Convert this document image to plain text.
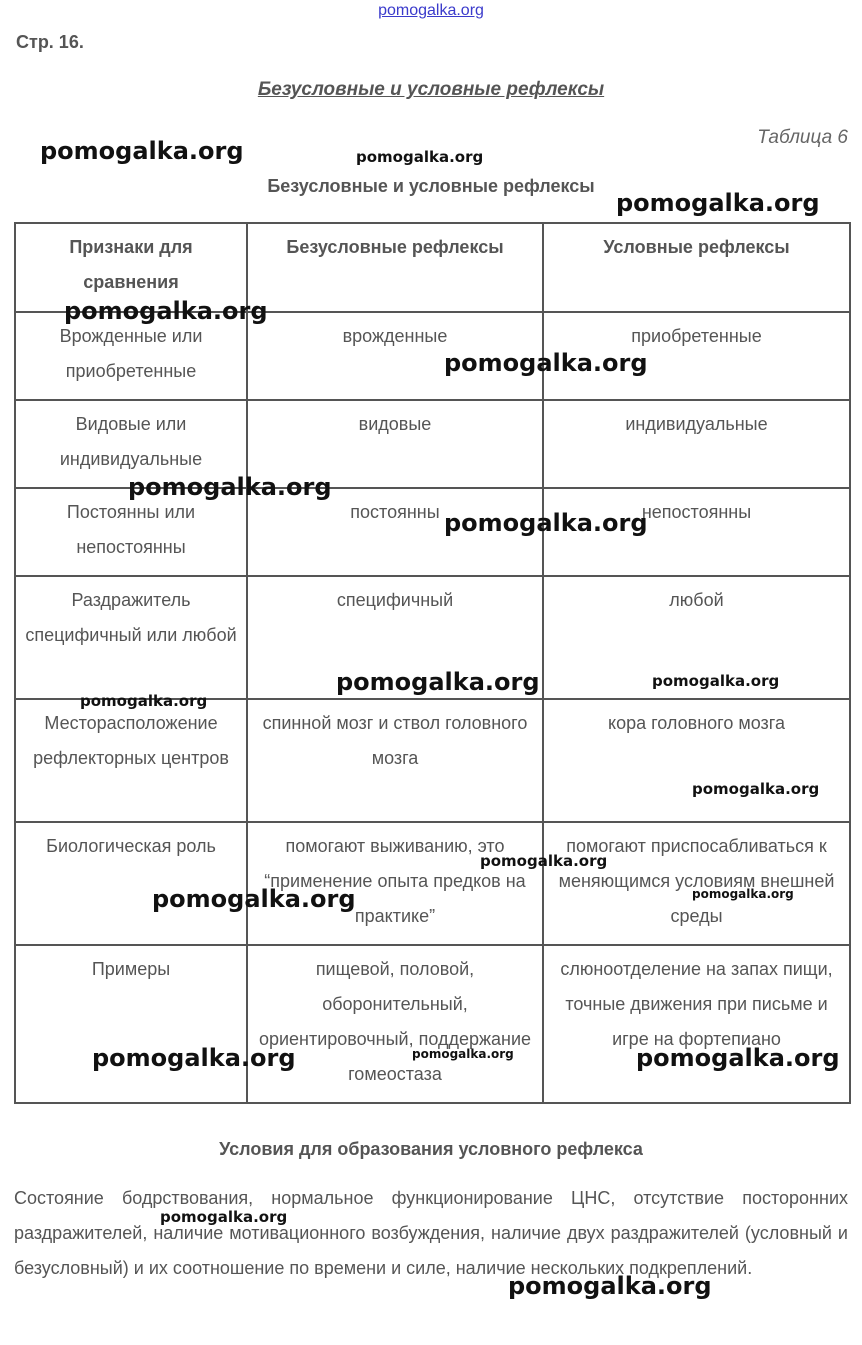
pomogalka.org
Стр. 16.
Безусловные и условные рефлексы
Таблица 6
Безусловные и условные рефлексы
Признаки для сравнения	Безусловные рефлексы	Условные рефлексы
Врожденные или приобретенные	врожденные	приобретенные
Видовые или индивидуальные	видовые	индивидуальные
Постоянны или непостоянны	постоянны	непостоянны
Раздражитель специфичный или любой	специфичный	любой
Месторасположение рефлекторных центров	спинной мозг и ствол головного мозга	кора головного мозга
Биологическая роль	помогают выживанию, это “применение опыта предков на практике”	помогают приспосабливаться к меняющимся условиям внешней среды
Примеры	пищевой, половой, оборонительный, ориентировочный, поддержание гомеостаза	слюноотделение на запах пищи, точные движения при письме и игре на фортепиано
Условия для образования условного рефлекса
Состояние бодрствования, нормальное функционирование ЦНС, отсутствие посторонних раздражителей, наличие мотивационного возбуждения, наличие двух раздражителей (условный и безусловный) и их соотношение по времени и силе, наличие нескольких подкреплений.
pomogalka.org	pomogalka.org
pomogalka.org
pomogalka.org
pomogalka.org
pomogalka.org
pomogalka.org
pomogalka.org	pomogalka.org
pomogalka.org
pomogalka.org
pomogalka.org
pomogalka.org	pomogalka.org
pomogalka.org
pomogalka.org	pomogalka.org
pomogalka.org
pomogalka.org
